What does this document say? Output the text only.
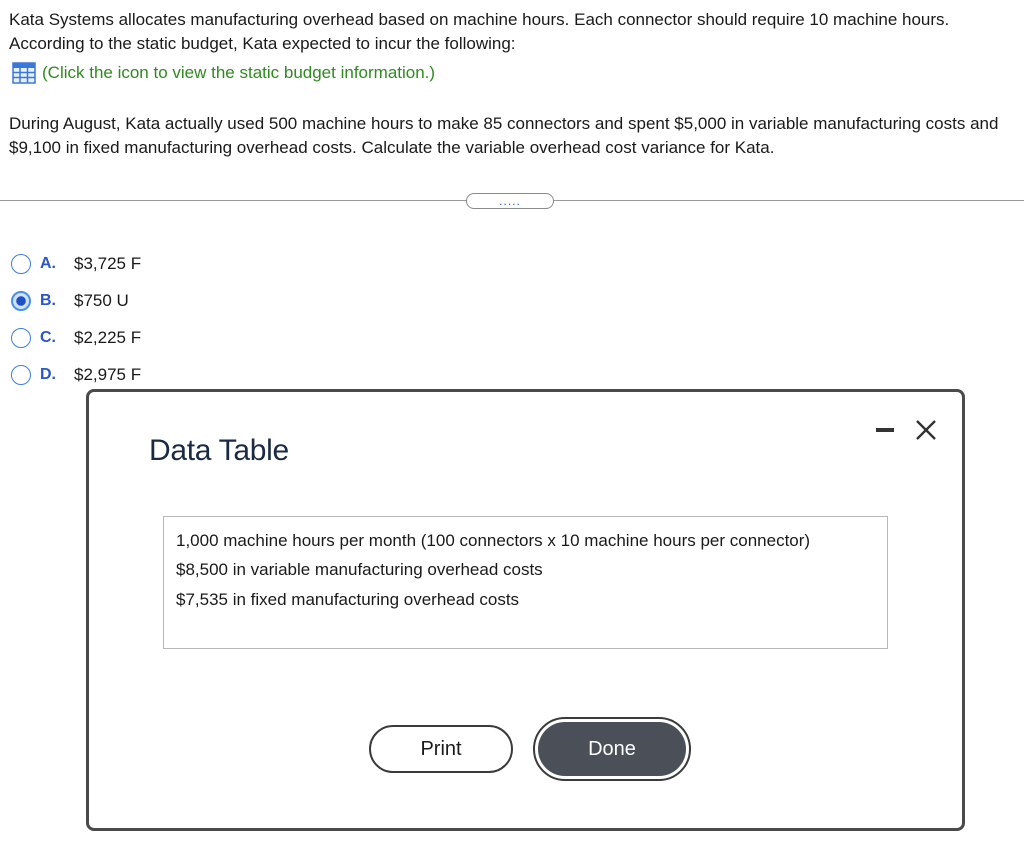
Kata Systems allocates manufacturing overhead based on machine hours. Each connector should require 10 machine hours. According to the static budget, Kata expected to incur the following:

(Click the icon to view the static budget information.)

During August, Kata actually used 500 machine hours to make 85 connectors and spent $5,000 in variable manufacturing costs and $9,100 in fixed manufacturing overhead costs. Calculate the variable overhead cost variance for Kata.

.....
A.	$3,725 F
B.	$750 U
C.	$2,225 F
D.	$2,975 F
Data Table

1,000 machine hours per month (100 connectors x 10 machine hours per connector)

$8,500 in variable manufacturing overhead costs

$7,535 in fixed manufacturing overhead costs

Print	Done
